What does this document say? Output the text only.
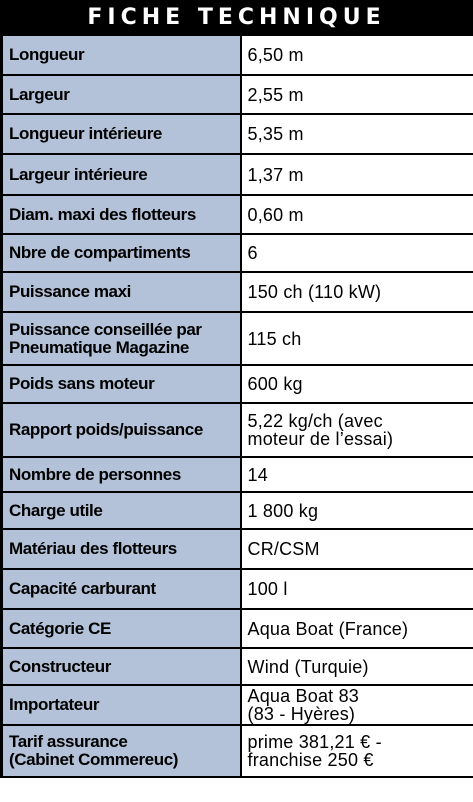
FICHE TECHNIQUE
Longueur	6,50 m

Largeur	2,55 m

Longueur intérieure	5,35 m

Largeur intérieure	1,37 m

Diam. maxi des flotteurs	0,60 m

Nbre de compartiments	6

Puissance maxi	150 ch (110 kW)

Puissance conseillée par
Pneumatique Magazine	115 ch

Poids sans moteur	600 kg

Rapport poids/puissance	5,22 kg/ch (avec
moteur de l’essai)

Nombre de personnes	14

Charge utile	1 800 kg

Matériau des flotteurs	CR/CSM

Capacité carburant	100 l

Catégorie CE	Aqua Boat (France)

Constructeur	Wind (Turquie)

Importateur	Aqua Boat 83
(83 - Hyères)

Tarif assurance
(Cabinet Commereuc)	prime 381,21 € -
franchise 250 €
